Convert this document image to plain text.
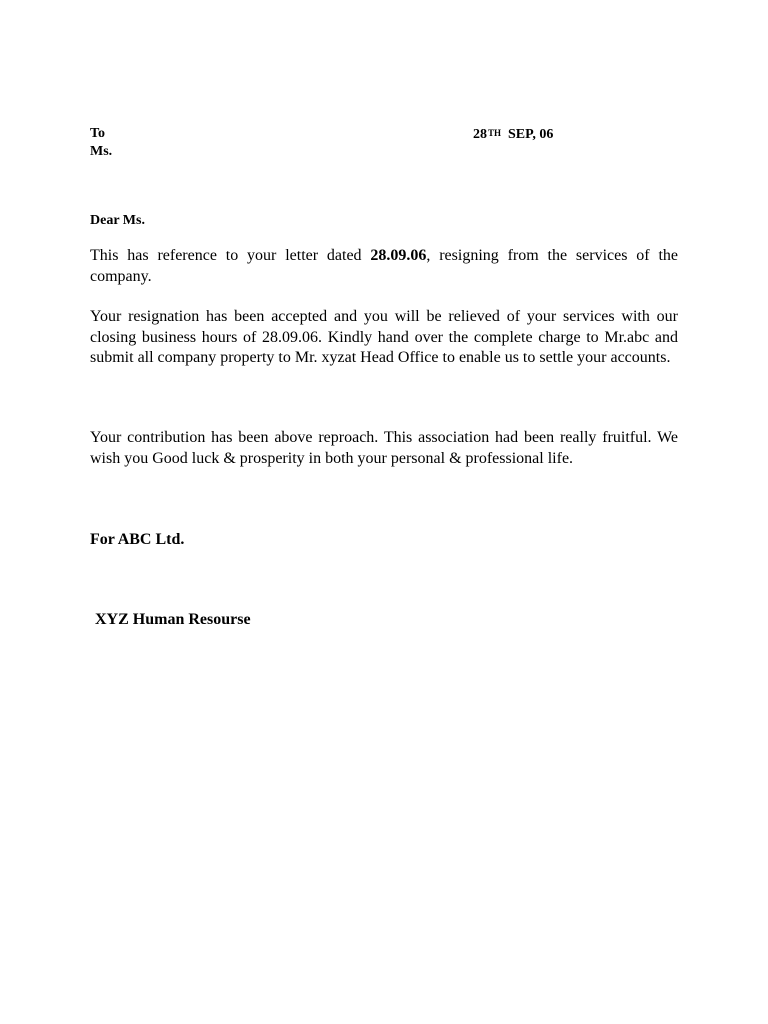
To
Ms.
28TH SEP, 06
Dear Ms.
This has reference to your letter dated 28.09.06, resigning from the services of the company.
Your resignation has been accepted and you will be relieved of your services with our closing business hours of 28.09.06. Kindly hand over the complete charge to Mr.abc and submit all company property to Mr. xyzat Head Office to enable us to settle your accounts.
Your contribution has been above reproach. This association had been really fruitful. We wish you Good luck & prosperity in both your personal & professional life.
For ABC Ltd.
XYZ Human Resourse
